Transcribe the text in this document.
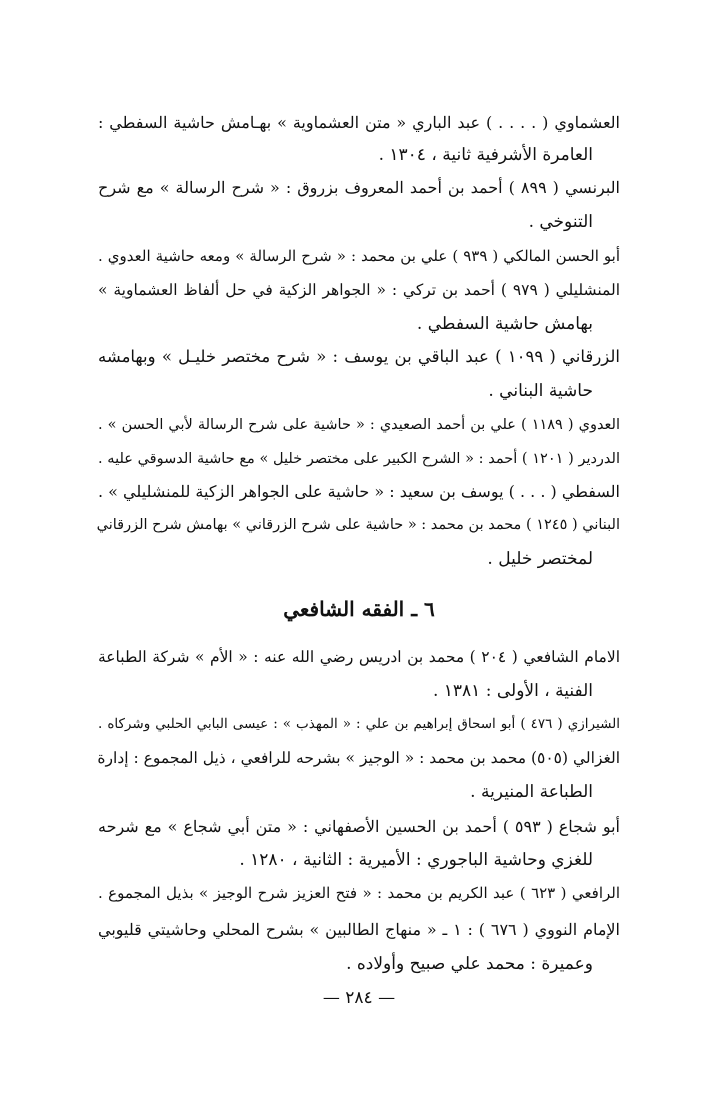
العشماوي ( . . . . ) عبد الباري « متن العشماوية » بهـامش حاشية السفطي :
العامرة الأشرفية ثانية ، ١٣٠٤ .
البرنسي ( ٨٩٩ ) أحمد بن أحمد المعروف بزروق : « شرح الرسالة » مع شرح
التنوخي .
أبو الحسن المالكي ( ٩٣٩ ) علي بن محمد : « شرح الرسالة » ومعه حاشية العدوي .
المنشليلي ( ٩٧٩ ) أحمد بن تركي : « الجواهر الزكية في حل ألفاظ العشماوية »
بهامش حاشية السفطي .
الزرقاني ( ١٠٩٩ ) عبد الباقي بن يوسف : « شرح مختصر خليـل » وبهامشه
حاشية البناني .
العدوي ( ١١٨٩ ) علي بن أحمد الصعيدي : « حاشية على شرح الرسالة لأبي الحسن » .
الدردير ( ١٢٠١ ) أحمد : « الشرح الكبير على مختصر خليل » مع حاشية الدسوقي عليه .
السفطي ( . . . ) يوسف بن سعيد : « حاشية على الجواهر الزكية للمنشليلي » .
البناني ( ١٢٤٥ ) محمد بن محمد : « حاشية على شرح الزرقاني » بهامش شرح الزرقاني
لمختصر خليل .
٦ ـ الفقه الشافعي
الامام الشافعي ( ٢٠٤ ) محمد بن ادريس رضي الله عنه : « الأم » شركة الطباعة
الفنية ، الأولى : ١٣٨١ .
الشيرازي ( ٤٧٦ ) أبو اسحاق إبراهيم بن علي : « المهذب » : عيسى البابي الحلبي وشركاه .
الغزالي (٥٠٥) محمد بن محمد : « الوجيز » بشرحه للرافعي ، ذيل المجموع : إدارة
الطباعة المنيرية .
أبو شجاع ( ٥٩٣ ) أحمد بن الحسين الأصفهاني : « متن أبي شجاع » مع شرحه
للغزي وحاشية الباجوري : الأميرية : الثانية ، ١٢٨٠ .
الرافعي ( ٦٢٣ ) عبد الكريم بن محمد : « فتح العزيز شرح الوجيز » بذيل المجموع .
الإمام النووي ( ٦٧٦ ) : ١ ـ « منهاج الطالبين » بشرح المحلي وحاشيتي قليوبي
وعميرة : محمد علي صبيح وأولاده .
— ٢٨٤ —
